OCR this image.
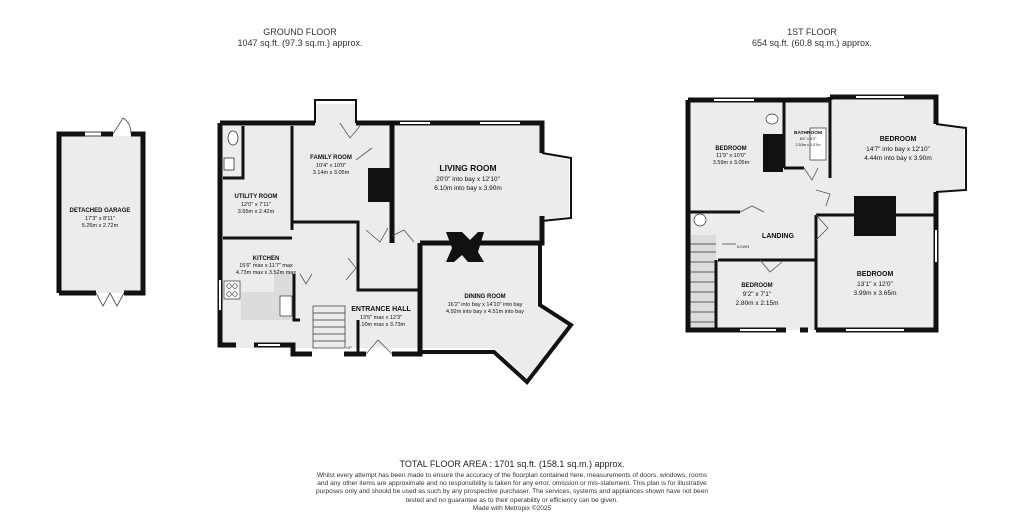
GROUND FLOOR
1047 sq.ft. (97.3 sq.m.) approx.
1ST FLOOR
654 sq.ft. (60.8 sq.m.) approx.
DETACHED GARAGE
17'3" x 8'11"
5.26m x 2.72m
UTILITY ROOM
12'0" x 7'11"
3.65m x 2.42m
FAMILY ROOM
10'4" x 10'0"
3.14m x 3.05m	LIVING ROOM
20'0" into bay x 12'10"
6.10m into bay x 3.90m
KITCHEN
15'6" max x 11'7" max
4.73m max x 3.52m max
DINING ROOM
16'2" into bay x 14'10" into bay
4.92m into bay x 4.51m into bay
ENTRANCE HALL
13'5" max x 12'3"
4.10m max x 3.73m
UP
BEDROOM
11'9" x 10'0"
3.59m x 3.05m
BATHROOM
8'4" x 5'2"
2.53m x 1.57m
BEDROOM
14'7" into bay x 12'10"
4.44m into bay x 3.90m
LANDING
DOWN
BEDROOM
9'2" x 7'1"
2.80m x 2.15m
BEDROOM
13'1" x 12'0"
3.99m x 3.65m
TOTAL FLOOR AREA : 1701 sq.ft. (158.1 sq.m.) approx.
Whilst every attempt has been made to ensure the accuracy of the floorplan contained here, measurements of doors, windows, rooms and any other items are approximate and no responsibility is taken for any error, omission or mis-statement. This plan is for illustrative purposes only and should be used as such by any prospective purchaser. The services, systems and appliances shown have not been tested and no guarantee as to their operability or efficiency can be given.
Made with Metropix ©2025
